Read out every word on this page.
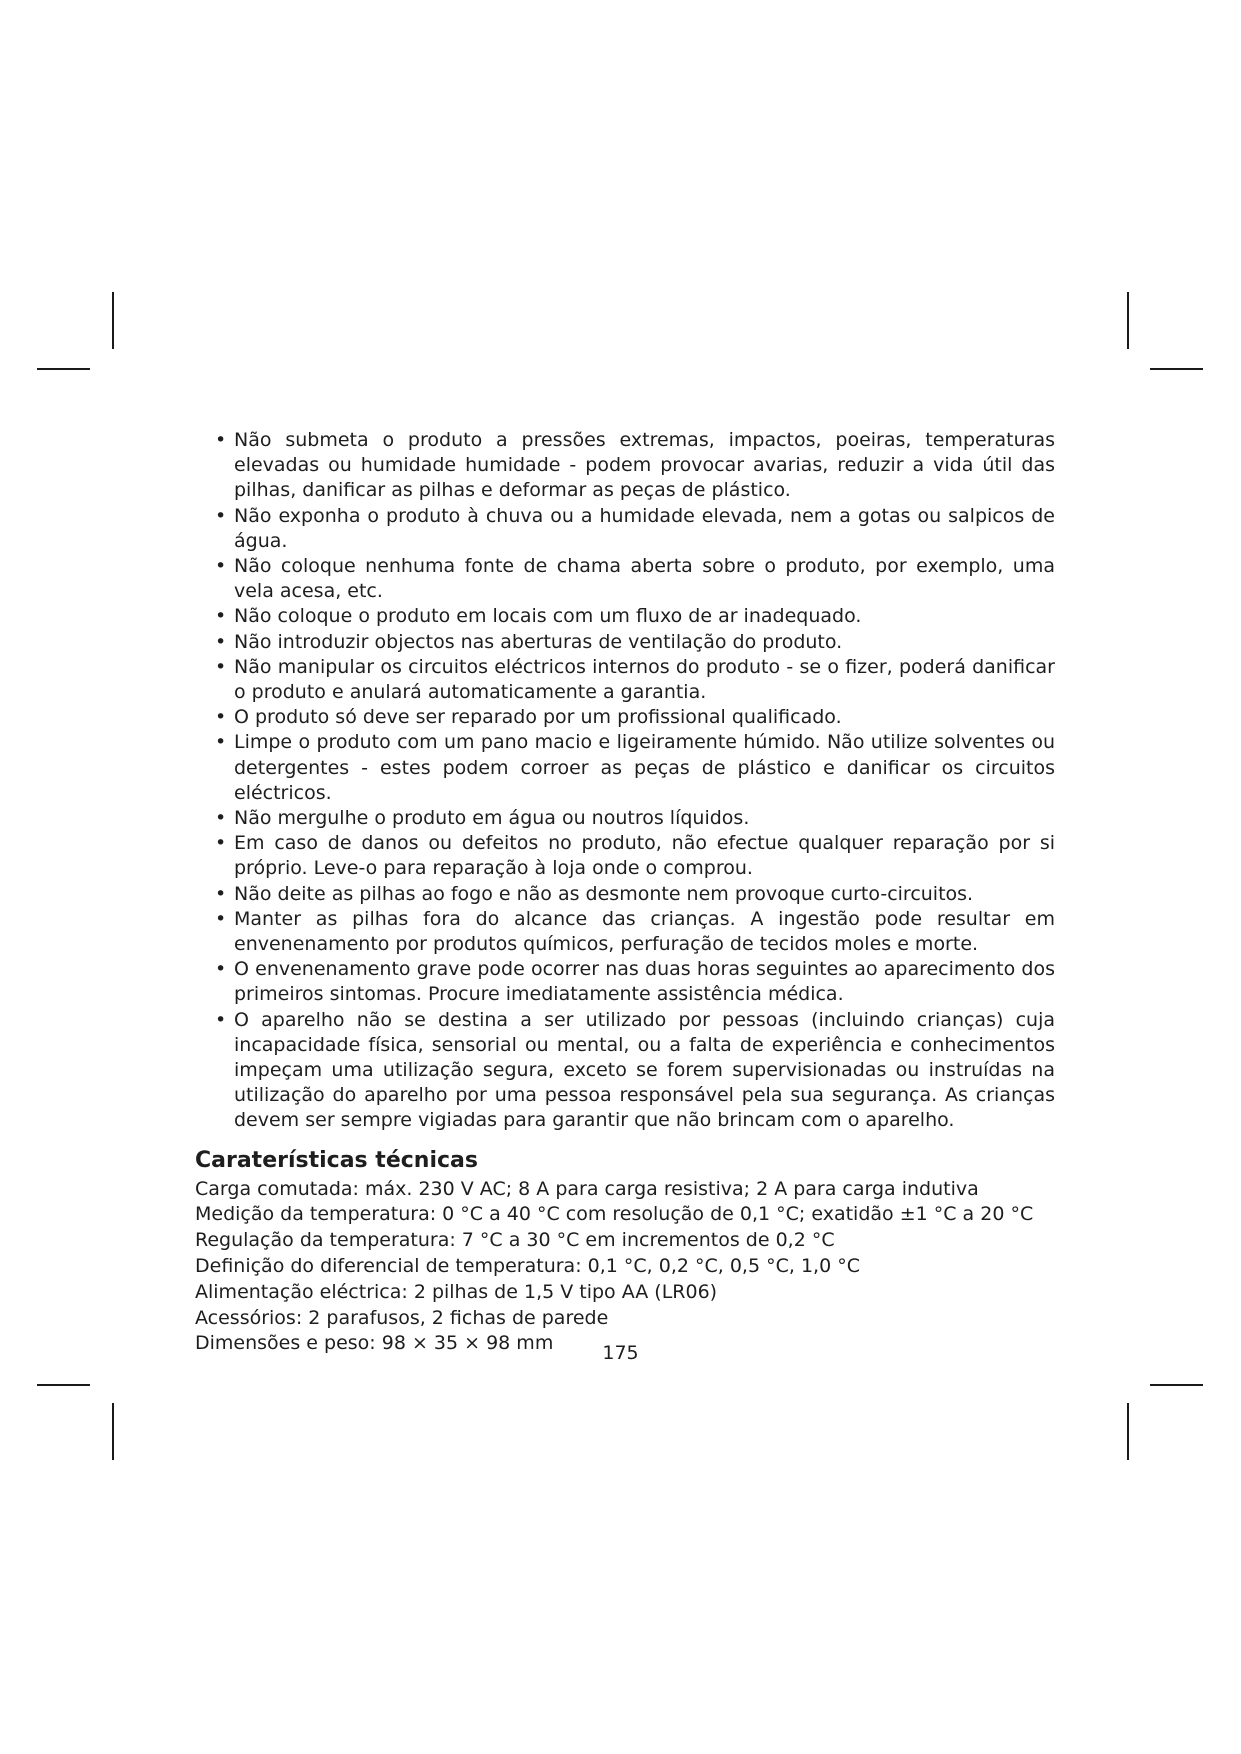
• Não submeta o produto a pressões extremas, impactos, poeiras, temperaturas elevadas ou humidade humidade - podem provocar avarias, reduzir a vida útil das pilhas, danificar as pilhas e deformar as peças de plástico.
• Não exponha o produto à chuva ou a humidade elevada, nem a gotas ou salpicos de água.
• Não coloque nenhuma fonte de chama aberta sobre o produto, por exemplo, uma vela acesa, etc.
• Não coloque o produto em locais com um fluxo de ar inadequado.
• Não introduzir objectos nas aberturas de ventilação do produto.
• Não manipular os circuitos eléctricos internos do produto - se o fizer, poderá danificar o produto e anulará automaticamente a garantia.
• O produto só deve ser reparado por um profissional qualificado.
• Limpe o produto com um pano macio e ligeiramente húmido. Não utilize solventes ou detergentes - estes podem corroer as peças de plástico e danificar os circuitos eléctricos.
• Não mergulhe o produto em água ou noutros líquidos.
• Em caso de danos ou defeitos no produto, não efectue qualquer reparação por si próprio. Leve-o para reparação à loja onde o comprou.
• Não deite as pilhas ao fogo e não as desmonte nem provoque curto-circuitos.
• Manter as pilhas fora do alcance das crianças. A ingestão pode resultar em envenenamento por produtos químicos, perfuração de tecidos moles e morte.
• O envenenamento grave pode ocorrer nas duas horas seguintes ao aparecimento dos primeiros sintomas. Procure imediatamente assistência médica.
• O aparelho não se destina a ser utilizado por pessoas (incluindo crianças) cuja incapacidade física, sensorial ou mental, ou a falta de experiência e conhecimentos impeçam uma utilização segura, exceto se forem supervisionadas ou instruídas na utilização do aparelho por uma pessoa responsável pela sua segurança. As crianças devem ser sempre vigiadas para garantir que não brincam com o aparelho.
Caraterísticas técnicas

Carga comutada: máx. 230 V AC; 8 A para carga resistiva; 2 A para carga indutiva

Medição da temperatura: 0 °C a 40 °C com resolução de 0,1 °C; exatidão ±1 °C a 20 °C

Regulação da temperatura: 7 °C a 30 °C em incrementos de 0,2 °C

Definição do diferencial de temperatura: 0,1 °C, 0,2 °C, 0,5 °C, 1,0 °C

Alimentação eléctrica: 2 pilhas de 1,5 V tipo AA (LR06)

Acessórios: 2 parafusos, 2 fichas de parede

Dimensões e peso: 98 × 35 × 98 mm	175
